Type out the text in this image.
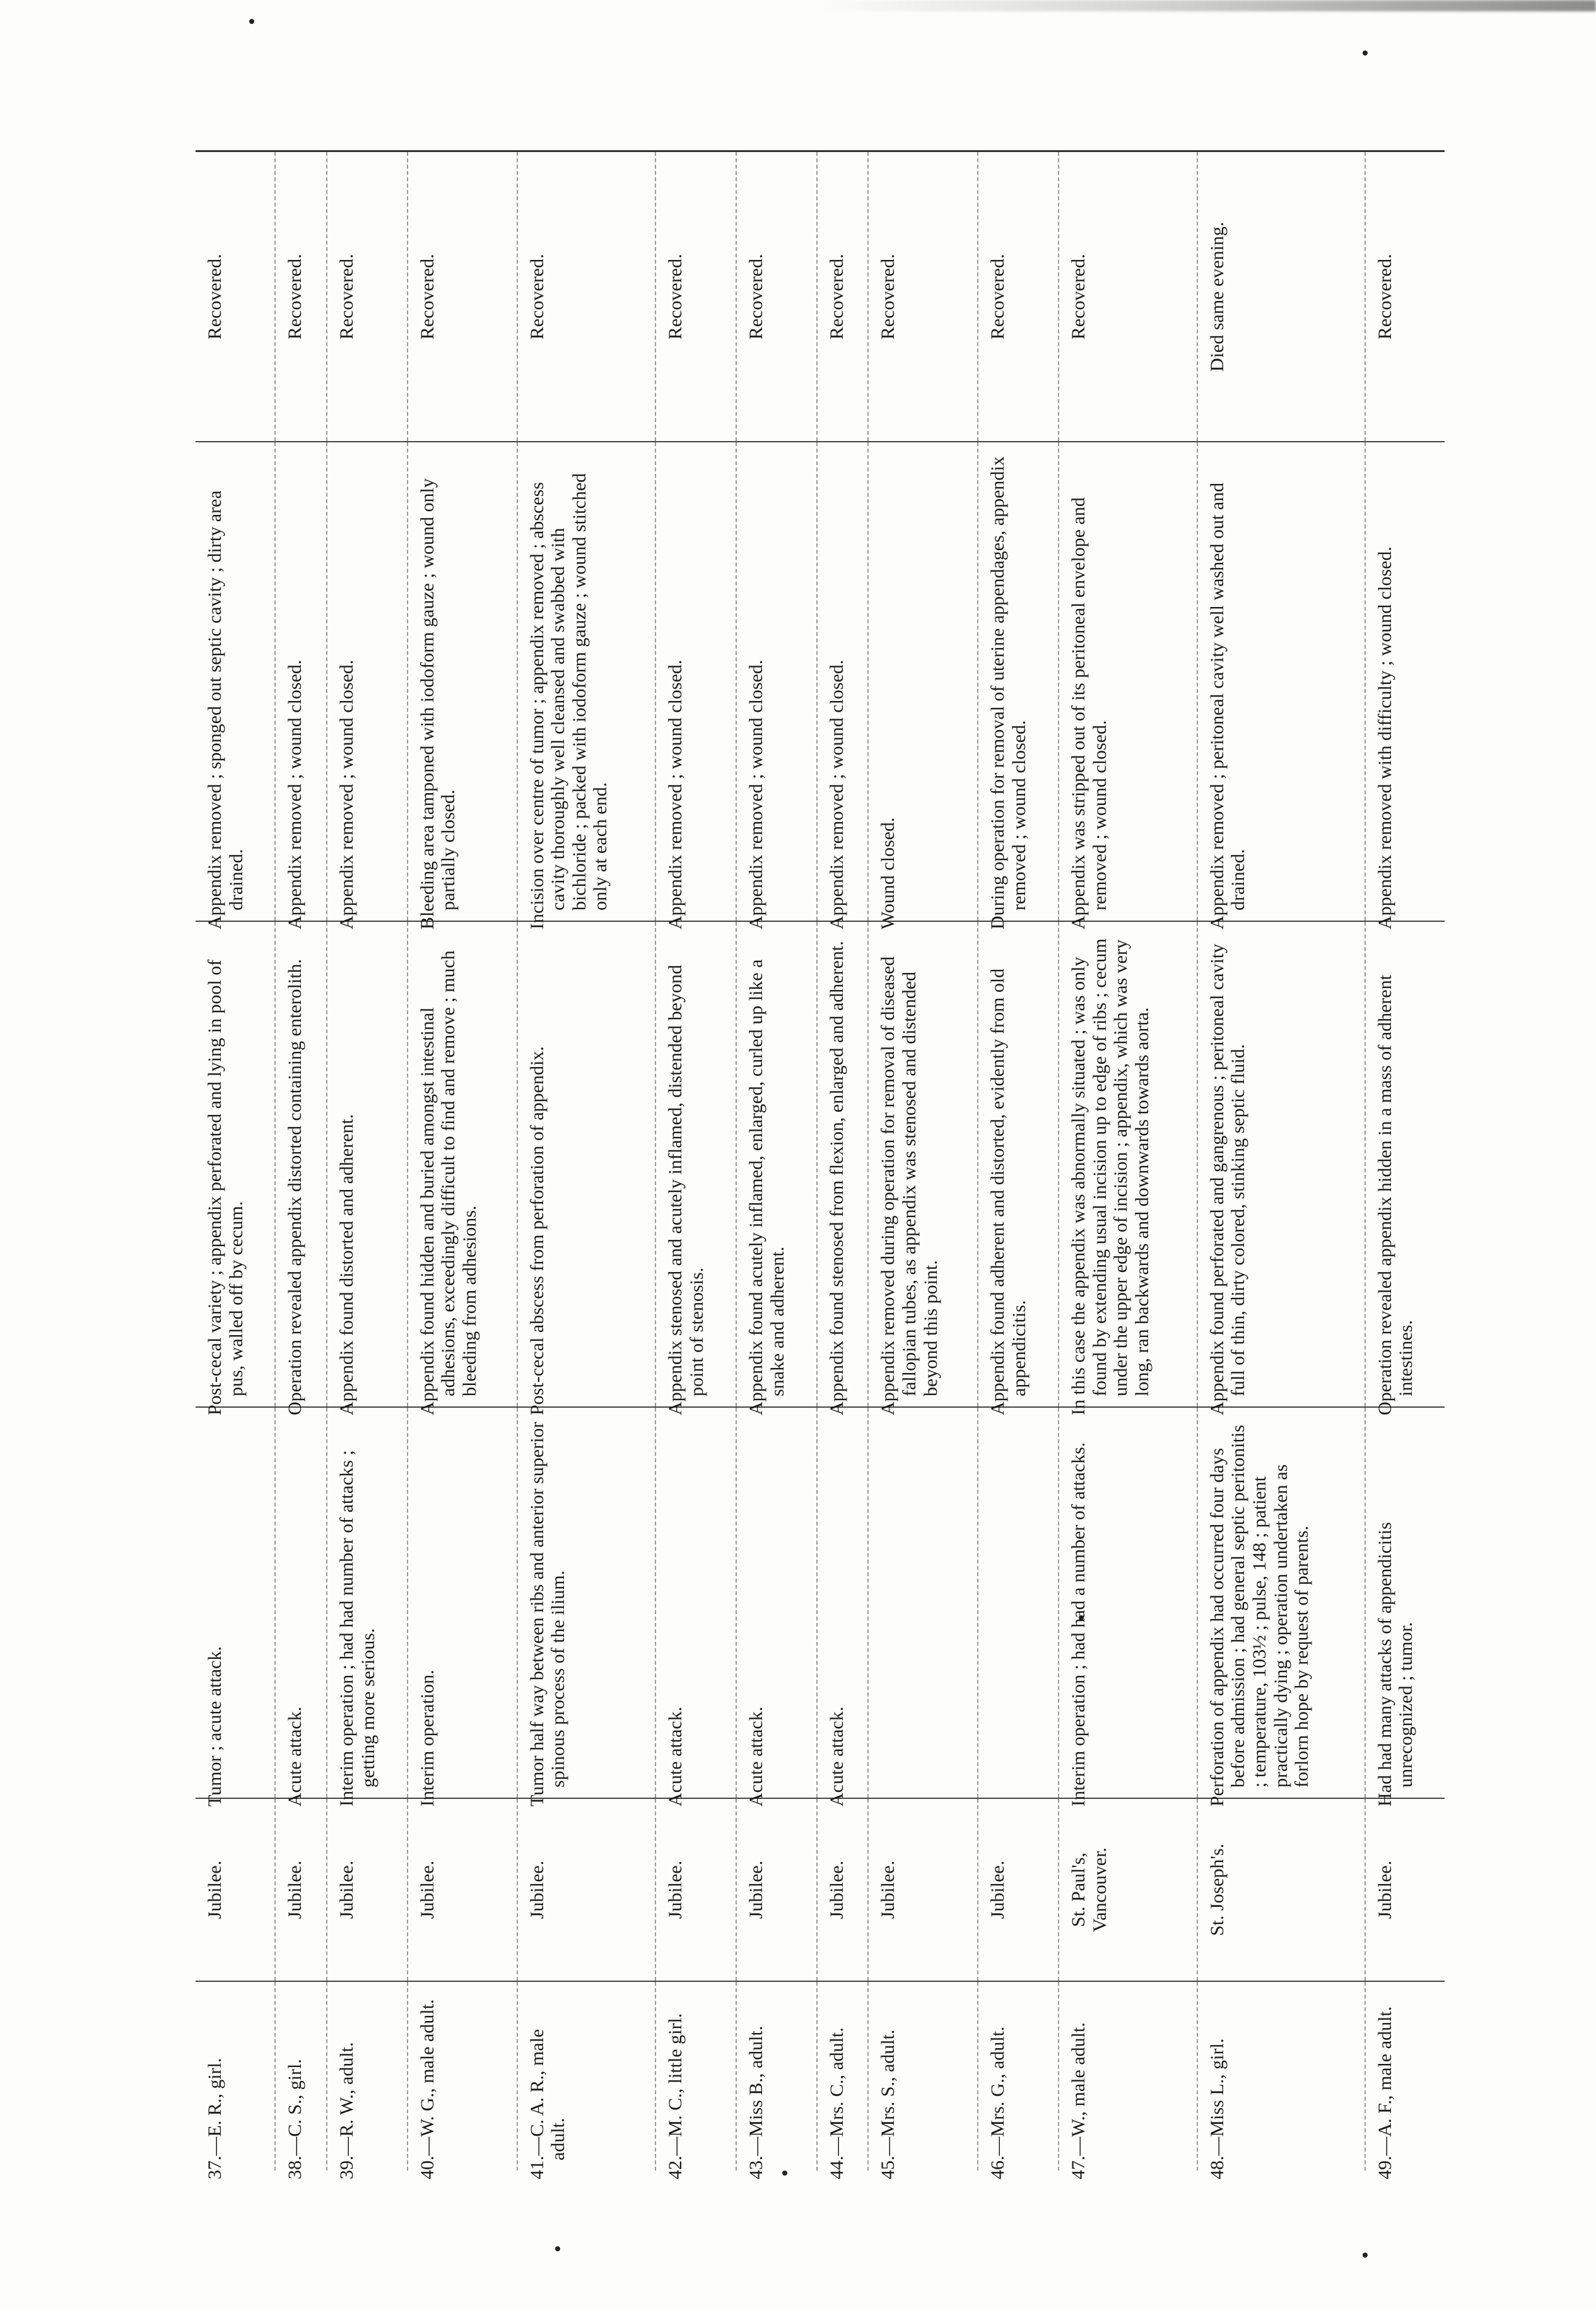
37.—E. R., girl.	Jubilee.	Tumor ; acute attack.	Post-cecal variety ; appendix perforated and lying in pool of pus, walled off by cecum.	Appendix removed ; sponged out septic cavity ; dirty area drained.	Recovered.
38.—C. S., girl.	Jubilee.	Acute attack.	Operation revealed appendix distorted containing enterolith.	Appendix removed ; wound closed.	Recovered.
39.—R. W., adult.	Jubilee.	Interim operation ; had had number of attacks ; getting more serious.	Appendix found distorted and adherent.	Appendix removed ; wound closed.	Recovered.
40.—W. G., male adult.	Jubilee.	Interim operation.	Appendix found hidden and buried amongst intestinal adhesions, exceedingly difficult to find and remove ; much bleeding from adhesions.	Bleeding area tamponed with iodoform gauze ; wound only partially closed.	Recovered.
41.—C. A. R., male adult.	Jubilee.	Tumor half way between ribs and anterior superior spinous process of the ilium.	Post-cecal abscess from perforation of appendix.	Incision over centre of tumor ; appendix removed ; abscess cavity thoroughly well cleansed and swabbed with bichloride ; packed with iodoform gauze ; wound stitched only at each end.	Recovered.
42.—M. C., little girl.	Jubilee.	Acute attack.	Appendix stenosed and acutely inflamed, distended beyond point of stenosis.	Appendix removed ; wound closed.	Recovered.
43.—Miss B., adult.	Jubilee.	Acute attack.	Appendix found acutely inflamed, enlarged, curled up like a snake and adherent.	Appendix removed ; wound closed.	Recovered.
44.—Mrs. C., adult.	Jubilee.	Acute attack.	Appendix found stenosed from flexion, enlarged and adherent.	Appendix removed ; wound closed.	Recovered.
45.—Mrs. S., adult.	Jubilee.		Appendix removed during operation for removal of diseased fallopian tubes, as appendix was stenosed and distended beyond this point.	Wound closed.	Recovered.
46.—Mrs. G., adult.	Jubilee.		Appendix found adherent and distorted, evidently from old appendicitis.	During operation for removal of uterine appendages, appendix removed ; wound closed.	Recovered.
47.—W., male adult.	St. Paul's, Vancouver.	Interim operation ; had had a number of attacks.	In this case the appendix was abnormally situated ; was only found by extending usual incision up to edge of ribs ; cecum under the upper edge of incision ; appendix, which was very long, ran backwards and downwards towards aorta.	Appendix was stripped out of its peritoneal envelope and removed ; wound closed.	Recovered.
48.—Miss L., girl.	St. Joseph's.	Perforation of appendix had occurred four days before admission ; had general septic peritonitis ; temperature, 103½ ; pulse, 148 ; patient practically dying ; operation undertaken as forlorn hope by request of parents.	Appendix found perforated and gangrenous ; peritoneal cavity full of thin, dirty colored, stinking septic fluid.	Appendix removed ; peritoneal cavity well washed out and drained.	Died same evening.
49.—A. F., male adult.	Jubilee.	Had had many attacks of appendicitis unrecognized ; tumor.	Operation revealed appendix hidden in a mass of adherent intestines.	Appendix removed with difficulty ; wound closed.	Recovered.
